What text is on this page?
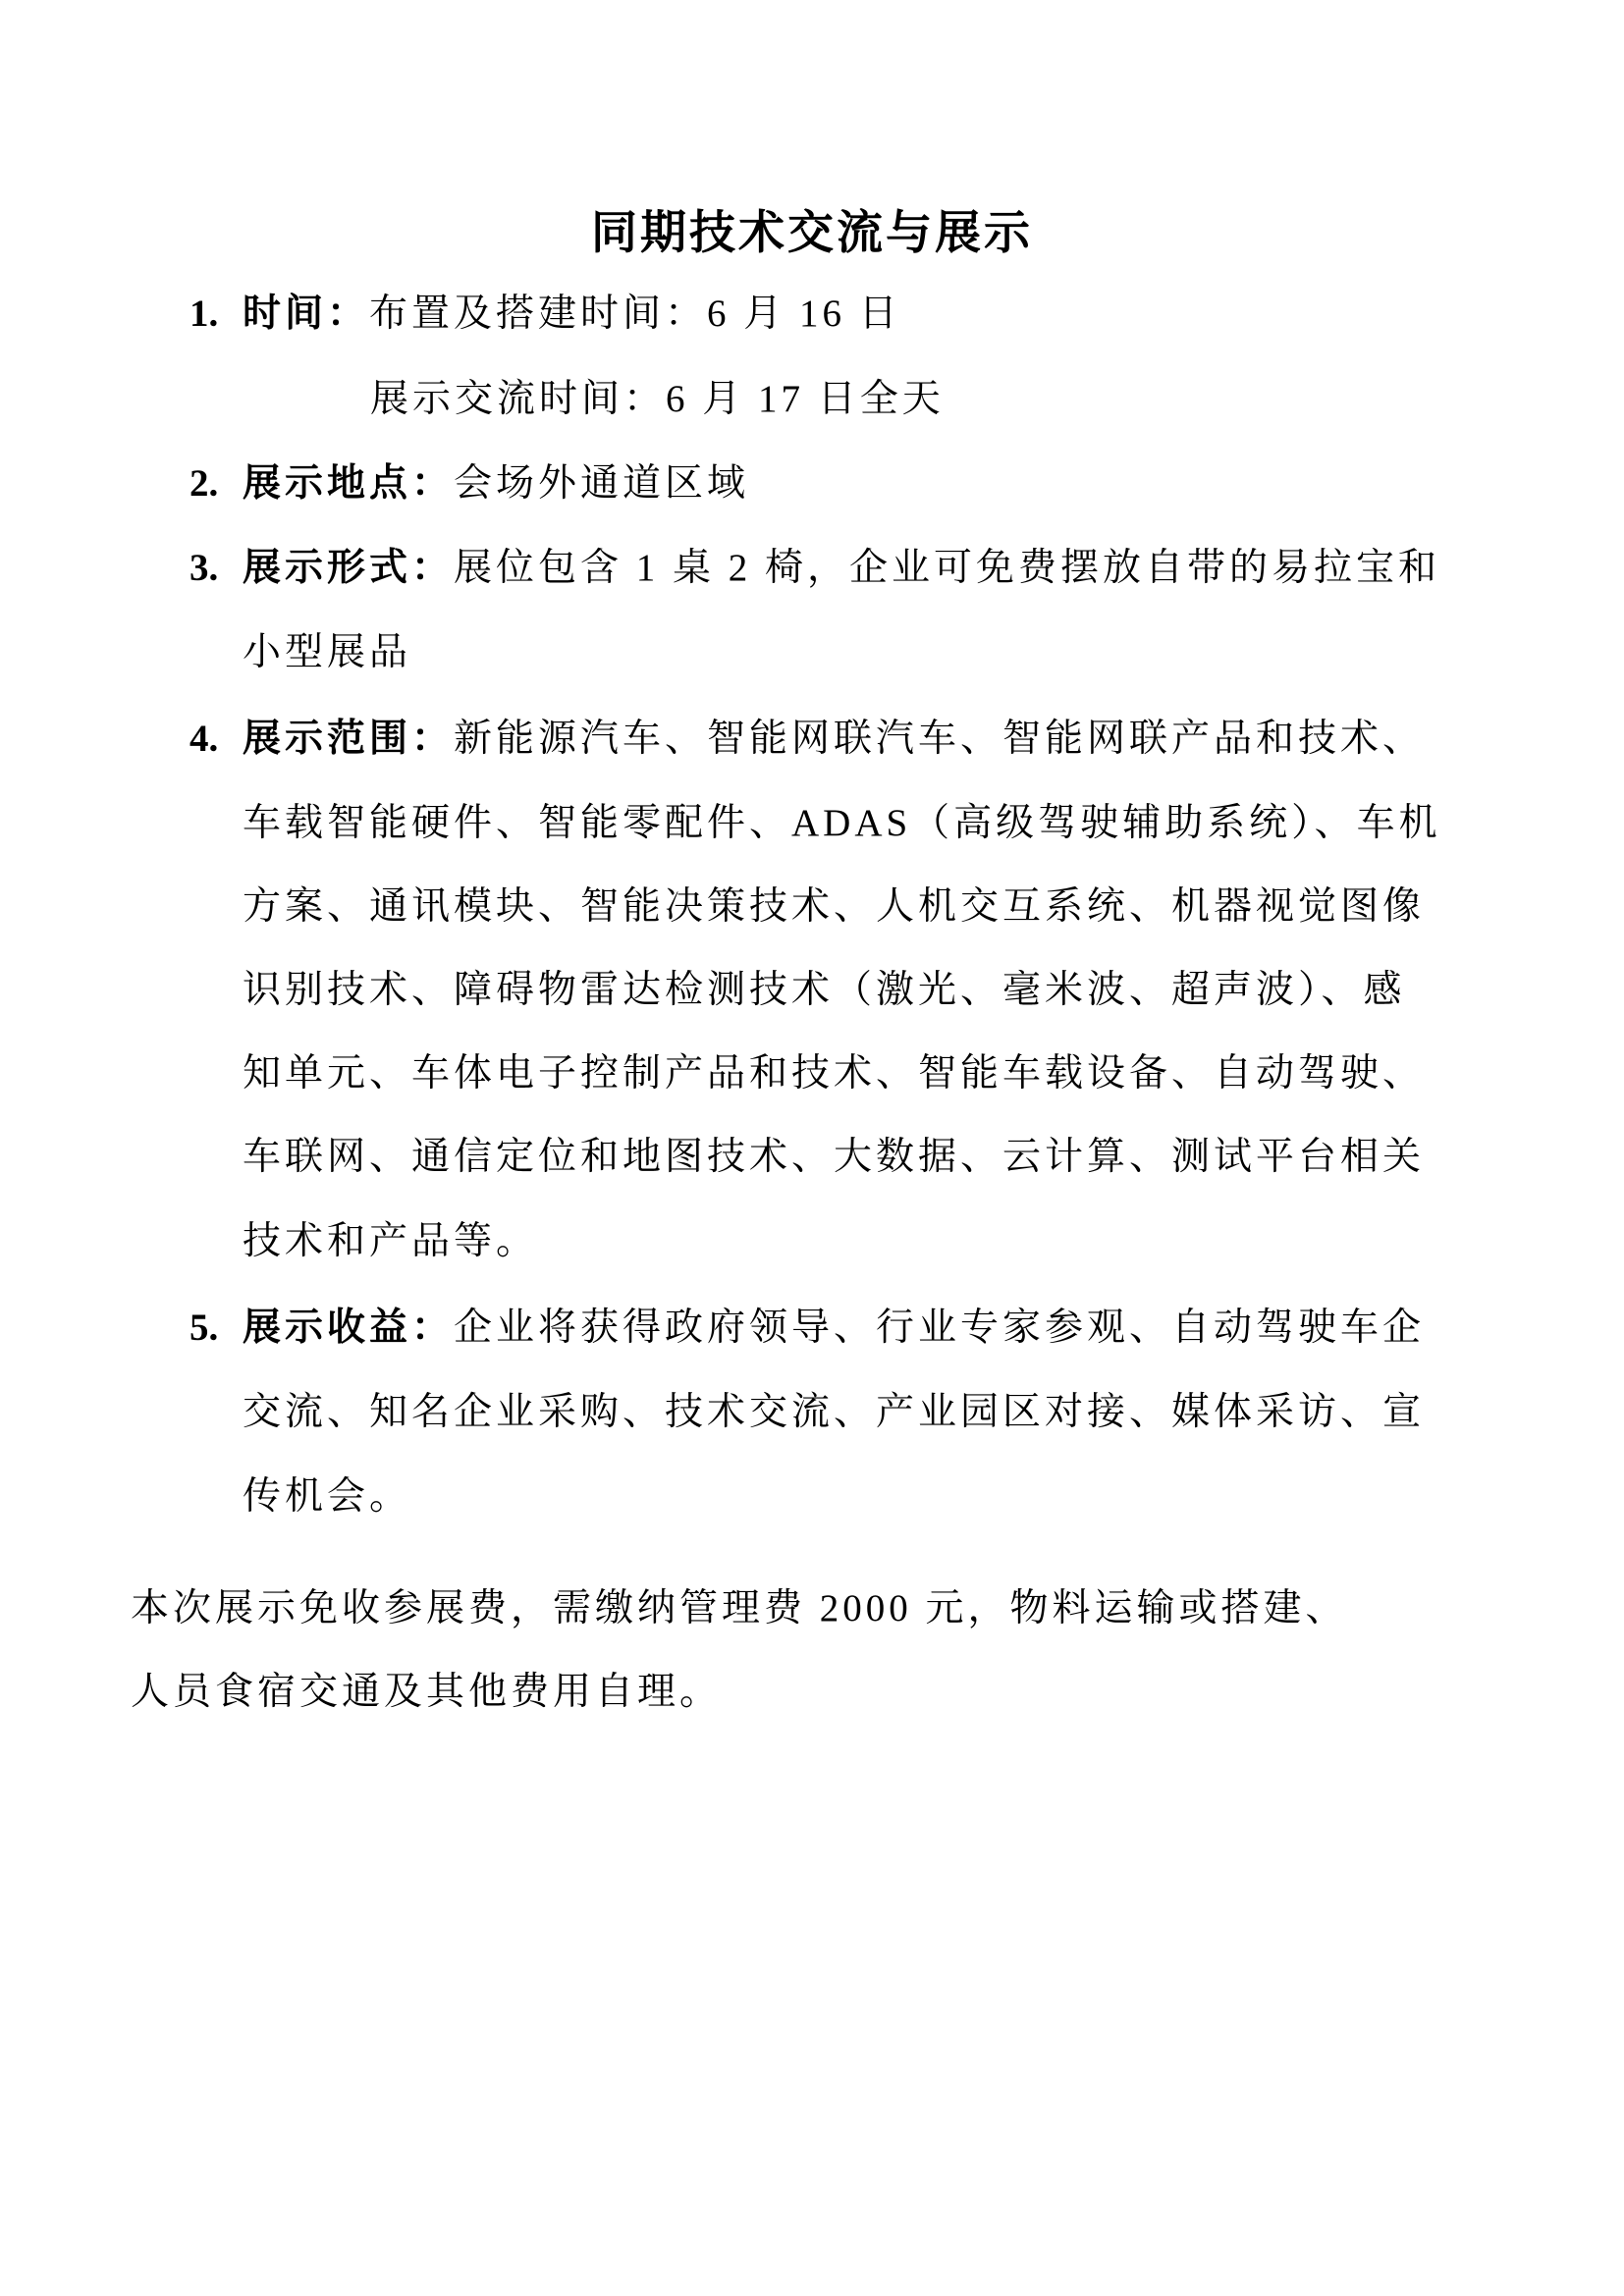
同期技术交流与展示
1. 时间：布置及搭建时间：6 月 16 日
展示交流时间：6 月 17 日全天
2. 展示地点：会场外通道区域
3. 展示形式：展位包含 1 桌 2 椅，企业可免费摆放自带的易拉宝和
小型展品
4. 展示范围：新能源汽车、智能网联汽车、智能网联产品和技术、
车载智能硬件、智能零配件、ADAS（高级驾驶辅助系统）、车机
方案、通讯模块、智能决策技术、人机交互系统、机器视觉图像
识别技术、障碍物雷达检测技术（激光、毫米波、超声波）、感
知单元、车体电子控制产品和技术、智能车载设备、自动驾驶、
车联网、通信定位和地图技术、大数据、云计算、测试平台相关
技术和产品等。
5. 展示收益：企业将获得政府领导、行业专家参观、自动驾驶车企
交流、知名企业采购、技术交流、产业园区对接、媒体采访、宣
传机会。
本次展示免收参展费，需缴纳管理费 2000 元，物料运输或搭建、
人员食宿交通及其他费用自理。
